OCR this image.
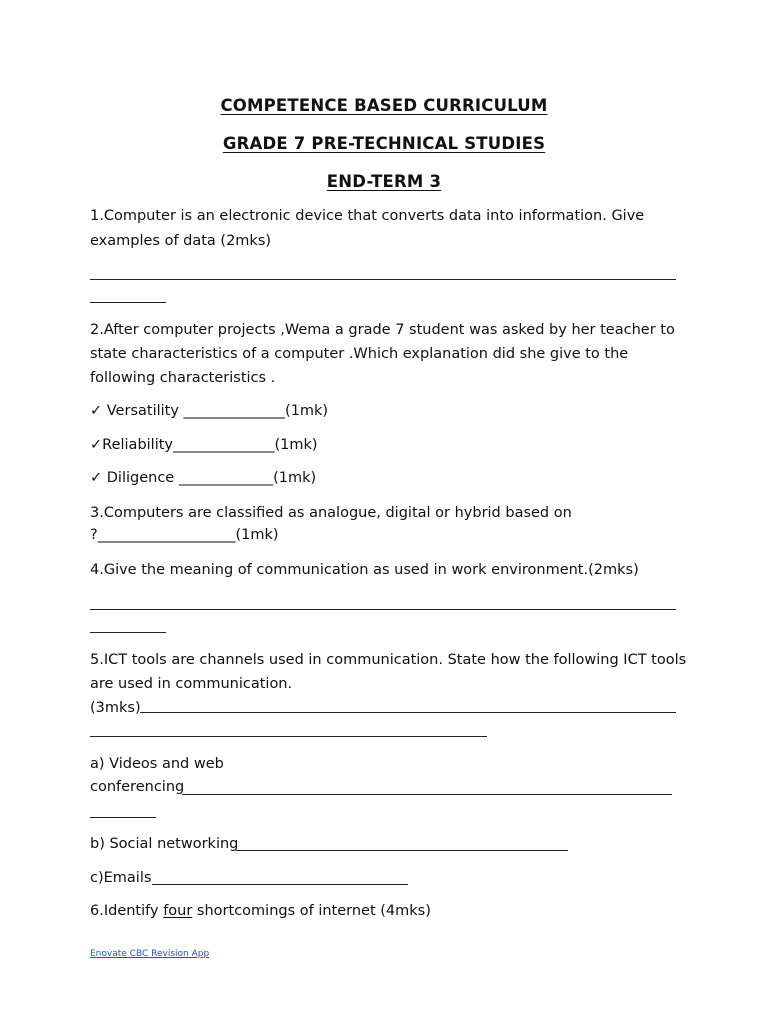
COMPETENCE BASED CURRICULUM
GRADE 7 PRE-TECHNICAL STUDIES
END-TERM 3
1.Computer is an electronic device that converts data into information. Give
examples of data (2mks)
2.After computer projects ,Wema a grade 7 student was asked by her teacher to
state characteristics of a computer .Which explanation did she give to the
following characteristics .
✓ Versatility ______________(1mk)
✓Reliability______________(1mk)
✓ Diligence _____________(1mk)
3.Computers are classified as analogue, digital or hybrid based on
?___________________(1mk)
4.Give the meaning of communication as used in work environment.(2mks)
5.ICT tools are channels used in communication. State how the following ICT tools
are used in communication.
(3mks)
a) Videos and web
conferencing
b) Social networking
c)Emails
6.Identify four shortcomings of internet (4mks)
Enovate CBC Revision App
